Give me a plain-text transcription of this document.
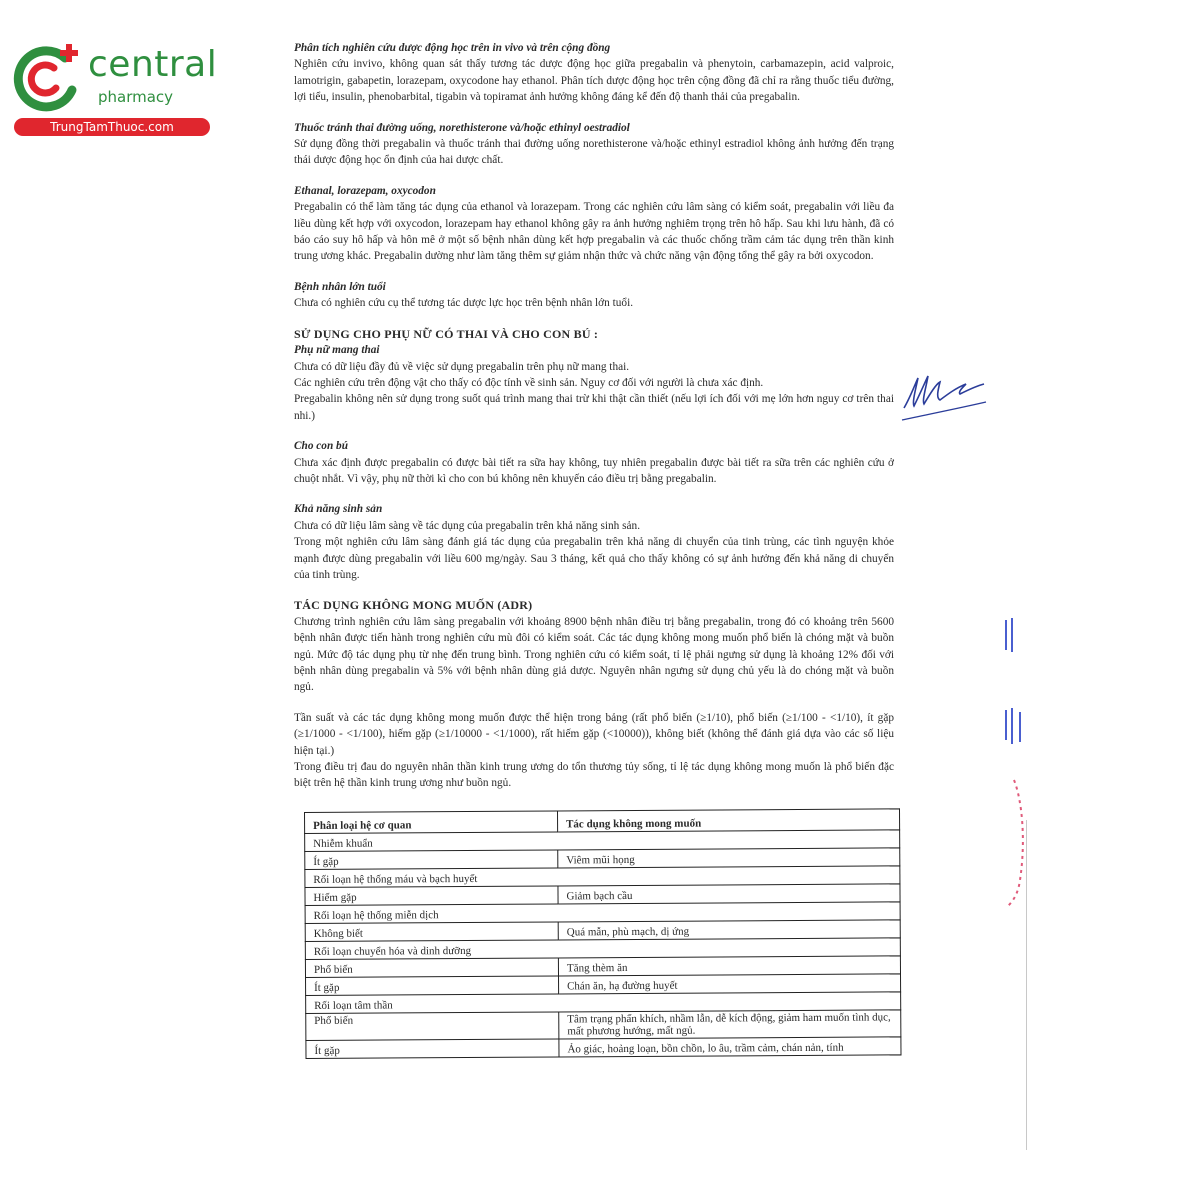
central
pharmacy
TrungTamThuoc.com
Phân tích nghiên cứu dược động học trên in vivo và trên cộng đồng

Nghiên cứu invivo, không quan sát thấy tương tác dược động học giữa pregabalin và phenytoin, carbamazepin, acid valproic, lamotrigin, gabapetin, lorazepam, oxycodone hay ethanol. Phân tích dược động học trên cộng đồng đã chỉ ra rằng thuốc tiểu đường, lợi tiểu, insulin, phenobarbital, tigabin và topiramat ảnh hưởng không đáng kể đến độ thanh thải của pregabalin.

Thuốc tránh thai đường uống, norethisterone và/hoặc ethinyl oestradiol

Sử dụng đồng thời pregabalin và thuốc tránh thai đường uống norethisterone và/hoặc ethinyl estradiol không ảnh hưởng đến trạng thái dược động học ổn định của hai dược chất.

Ethanal, lorazepam, oxycodon

Pregabalin có thể làm tăng tác dụng của ethanol và lorazepam. Trong các nghiên cứu lâm sàng có kiểm soát, pregabalin với liều đa liều dùng kết hợp với oxycodon, lorazepam hay ethanol không gây ra ảnh hưởng nghiêm trọng trên hô hấp. Sau khi lưu hành, đã có báo cáo suy hô hấp và hôn mê ở một số bệnh nhân dùng kết hợp pregabalin và các thuốc chống trầm cảm tác dụng trên thần kinh trung ương khác. Pregabalin dường như làm tăng thêm sự giảm nhận thức và chức năng vận động tổng thể gây ra bởi oxycodon.

Bệnh nhân lớn tuổi

Chưa có nghiên cứu cụ thể tương tác dược lực học trên bệnh nhân lớn tuổi.

SỬ DỤNG CHO PHỤ NỮ CÓ THAI VÀ CHO CON BÚ :
Phụ nữ mang thai

Chưa có dữ liệu đầy đủ về việc sử dụng pregabalin trên phụ nữ mang thai.

Các nghiên cứu trên động vật cho thấy có độc tính về sinh sản. Nguy cơ đối với người là chưa xác định.

Pregabalin không nên sử dụng trong suốt quá trình mang thai trừ khi thật cần thiết (nếu lợi ích đối với mẹ lớn hơn nguy cơ trên thai nhi.)

Cho con bú

Chưa xác định được pregabalin có được bài tiết ra sữa hay không, tuy nhiên pregabalin được bài tiết ra sữa trên các nghiên cứu ở chuột nhắt. Vì vậy, phụ nữ thời kì cho con bú không nên khuyến cáo điều trị bằng pregabalin.

Khả năng sinh sản

Chưa có dữ liệu lâm sàng về tác dụng của pregabalin trên khả năng sinh sản.

Trong một nghiên cứu lâm sàng đánh giá tác dụng của pregabalin trên khả năng di chuyển của tinh trùng, các tình nguyện khỏe mạnh được dùng pregabalin với liều 600 mg/ngày. Sau 3 tháng, kết quả cho thấy không có sự ảnh hưởng đến khả năng di chuyển của tinh trùng.

TÁC DỤNG KHÔNG MONG MUỐN (ADR)

Chương trình nghiên cứu lâm sàng pregabalin với khoảng 8900 bệnh nhân điều trị bằng pregabalin, trong đó có khoảng trên 5600 bệnh nhân được tiến hành trong nghiên cứu mù đôi có kiểm soát. Các tác dụng không mong muốn phổ biến là chóng mặt và buồn ngủ. Mức độ tác dụng phụ từ nhẹ đến trung bình. Trong nghiên cứu có kiểm soát, tỉ lệ phải ngưng sử dụng là khoảng 12% đối với bệnh nhân dùng pregabalin và 5% với bệnh nhân dùng giả dược. Nguyên nhân ngưng sử dụng chủ yếu là do chóng mặt và buồn ngủ.

Tần suất và các tác dụng không mong muốn được thể hiện trong bảng (rất phổ biến (≥1/10), phổ biến (≥1/100 - <1/10), ít gặp (≥1/1000 - <1/100), hiếm gặp (≥1/10000 - <1/1000), rất hiếm gặp (<10000)), không biết (không thể đánh giá dựa vào các số liệu hiện tại.)

Trong điều trị đau do nguyên nhân thần kinh trung ương do tổn thương tủy sống, tỉ lệ tác dụng không mong muốn là phổ biến đặc biệt trên hệ thần kinh trung ương như buồn ngủ.

Phân loại hệ cơ quan	Tác dụng không mong muốn
Nhiễm khuẩn	
Ít gặp	Viêm mũi họng
Rối loạn hệ thống máu và bạch huyết	
Hiếm gặp	Giảm bạch cầu
Rối loạn hệ thống miễn dịch	
Không biết	Quá mẫn, phù mạch, dị ứng
Rối loạn chuyển hóa và dinh dưỡng	
Phổ biến	Tăng thèm ăn
Ít gặp	Chán ăn, hạ đường huyết
Rối loạn tâm thần	
Phổ biến	Tâm trạng phấn khích, nhầm lẫn, dễ kích động, giảm ham muốn tình dục, mất phương hướng, mất ngủ.
Ít gặp	Ảo giác, hoảng loạn, bồn chồn, lo âu, trầm cảm, chán nản, tính
